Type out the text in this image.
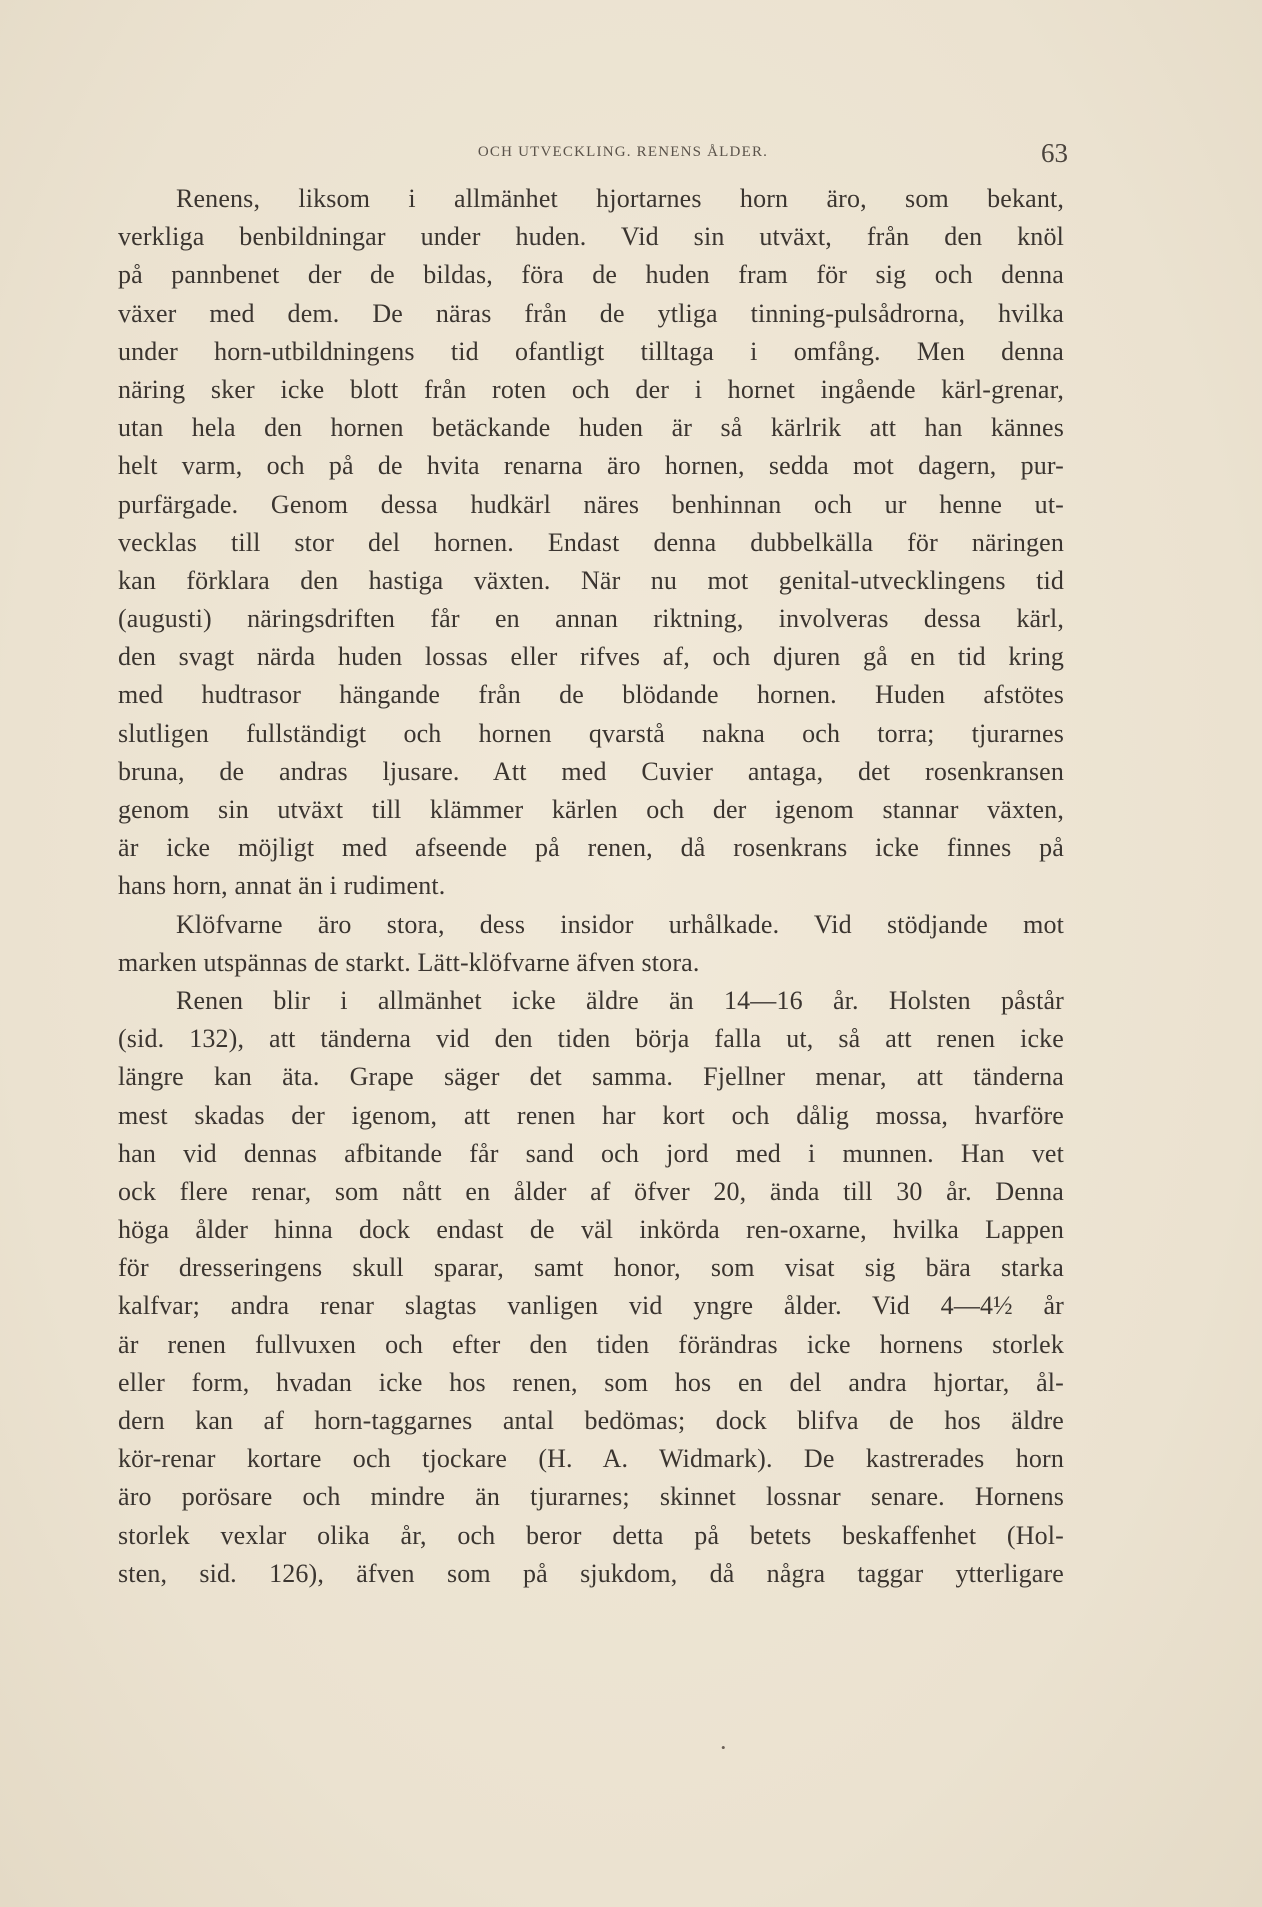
OCH UTVECKLING. RENENS ÅLDER.	63
Renens, liksom i allmänhet hjortarnes horn äro, som bekant,
verkliga benbildningar under huden. Vid sin utväxt, från den knöl
på pannbenet der de bildas, föra de huden fram för sig och denna
växer med dem. De näras från de ytliga tinning-pulsådrorna, hvilka
under horn-utbildningens tid ofantligt tilltaga i omfång. Men denna
näring sker icke blott från roten och der i hornet ingående kärl-grenar,
utan hela den hornen betäckande huden är så kärlrik att han kännes
helt varm, och på de hvita renarna äro hornen, sedda mot dagern, pur-
purfärgade. Genom dessa hudkärl näres benhinnan och ur henne ut-
vecklas till stor del hornen. Endast denna dubbelkälla för näringen
kan förklara den hastiga växten. När nu mot genital-utvecklingens tid
(augusti) näringsdriften får en annan riktning, involveras dessa kärl,
den svagt närda huden lossas eller rifves af, och djuren gå en tid kring
med hudtrasor hängande från de blödande hornen. Huden afstötes
slutligen fullständigt och hornen qvarstå nakna och torra; tjurarnes
bruna, de andras ljusare. Att med Cuvier antaga, det rosenkransen
genom sin utväxt till klämmer kärlen och der igenom stannar växten,
är icke möjligt med afseende på renen, då rosenkrans icke finnes på
hans horn, annat än i rudiment.
Klöfvarne äro stora, dess insidor urhålkade. Vid stödjande mot
marken utspännas de starkt. Lätt-klöfvarne äfven stora.
Renen blir i allmänhet icke äldre än 14—16 år. Holsten påstår
(sid. 132), att tänderna vid den tiden börja falla ut, så att renen icke
längre kan äta. Grape säger det samma. Fjellner menar, att tänderna
mest skadas der igenom, att renen har kort och dålig mossa, hvarföre
han vid dennas afbitande får sand och jord med i munnen. Han vet
ock flere renar, som nått en ålder af öfver 20, ända till 30 år. Denna
höga ålder hinna dock endast de väl inkörda ren-oxarne, hvilka Lappen
för dresseringens skull sparar, samt honor, som visat sig bära starka
kalfvar; andra renar slagtas vanligen vid yngre ålder. Vid 4—4½ år
är renen fullvuxen och efter den tiden förändras icke hornens storlek
eller form, hvadan icke hos renen, som hos en del andra hjortar, ål-
dern kan af horn-taggarnes antal bedömas; dock blifva de hos äldre
kör-renar kortare och tjockare (H. A. Widmark). De kastrerades horn
äro porösare och mindre än tjurarnes; skinnet lossnar senare. Hornens
storlek vexlar olika år, och beror detta på betets beskaffenhet (Hol-
sten, sid. 126), äfven som på sjukdom, då några taggar ytterligare
•
